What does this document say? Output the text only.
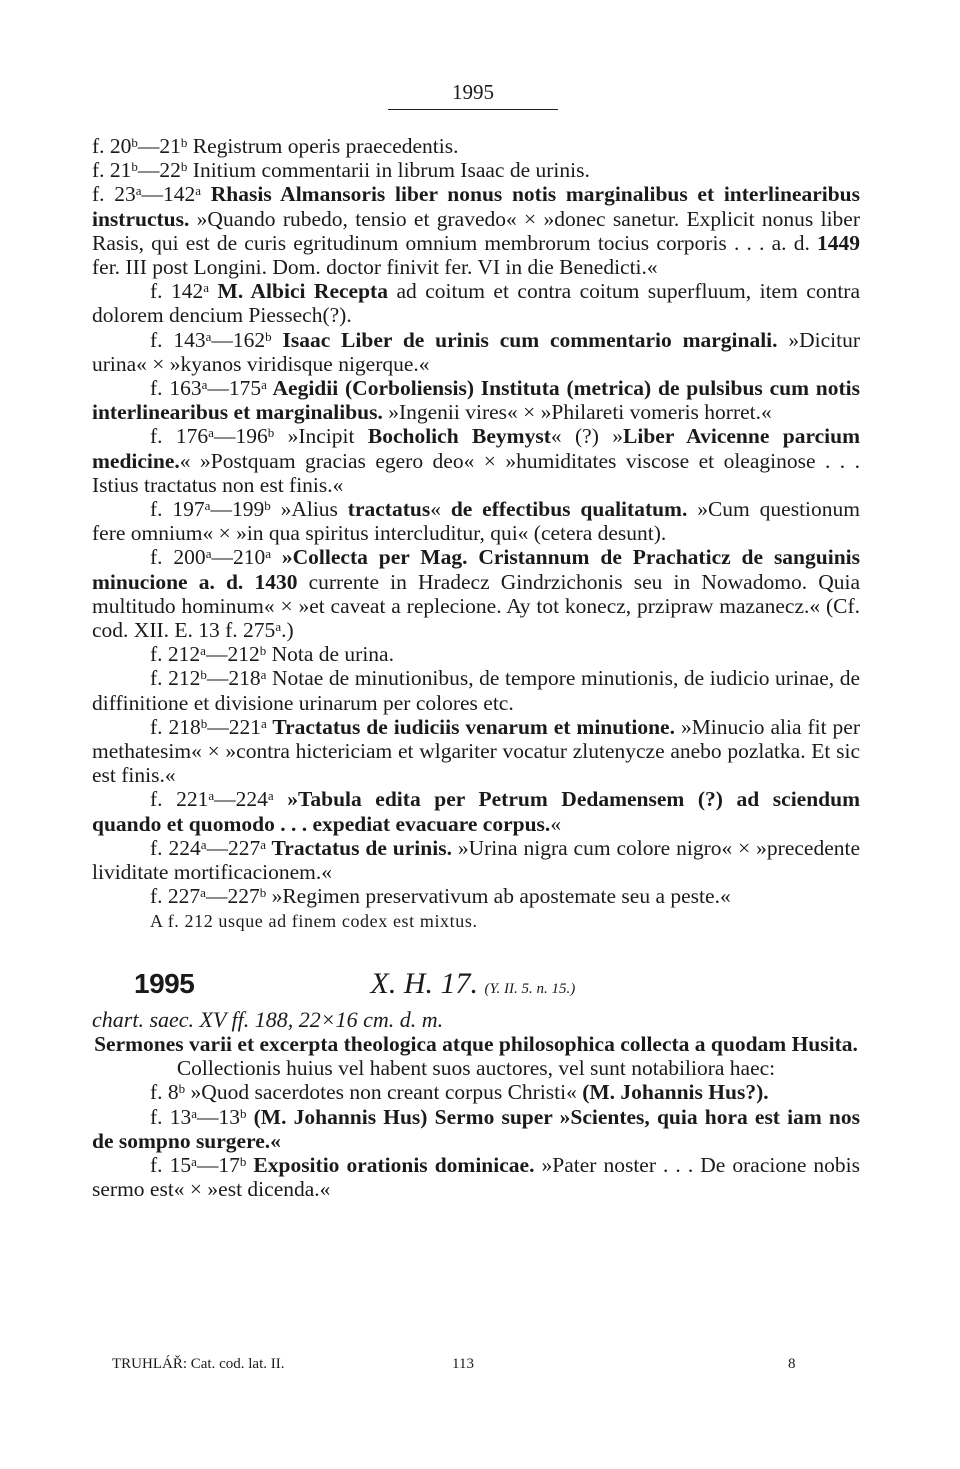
1995

f. 20$^b$—21$^b$ Registrum operis praecedentis.

f. 21$^b$—22$^b$ Initium commentarii in librum Isaac de urinis.

f. 23$^a$—142$^a$ Rhasis Almansoris liber nonus notis marginalibus et interlinearibus instructus. »Quando rubedo, tensio et gravedo« × »donec sanetur. Explicit nonus liber Rasis, qui est de curis egritudinum omnium membrorum tocius corporis . . . a. d. 1449 fer. III post Longini. Dom. doctor finivit fer. VI in die Benedicti.«

f. 142$^a$ M. Albici Recepta ad coitum et contra coitum superfluum, item contra dolorem dencium Piessech(?).

f. 143$^a$—162$^b$ Isaac Liber de urinis cum commentario marginali. »Dicitur urina« × »kyanos viridisque nigerque.«

f. 163$^a$—175$^a$ Aegidii (Corboliensis) Instituta (metrica) de pulsibus cum notis interlinearibus et marginalibus. »Ingenii vires« × »Philareti vomeris horret.«

f. 176$^a$—196$^b$ »Incipit Bocholich Beymyst« (?) »Liber Avicenne parcium medicine.« »Postquam gracias egero deo« × »humiditates viscose et oleaginose . . . Istius tractatus non est finis.«

f. 197$^a$—199$^b$ »Alius tractatus« de effectibus qualitatum. »Cum questionum fere omnium« × »in qua spiritus intercluditur, qui« (cetera desunt).

f. 200$^a$—210$^a$ »Collecta per Mag. Cristannum de Prachaticz de sanguinis minucione a. d. 1430 currente in Hradecz Gindrzichonis seu in Nowadomo. Quia multitudo hominum« × »et caveat a replecione. Ay tot konecz, przipraw mazanecz.« (Cf. cod. XII. E. 13 f. 275$^a$.)

f. 212$^a$—212$^b$ Nota de urina.

f. 212$^b$—218$^a$ Notae de minutionibus, de tempore minutionis, de iudicio urinae, de diffinitione et divisione urinarum per colores etc.

f. 218$^b$—221$^a$ Tractatus de iudiciis venarum et minutione. »Minucio alia fit per methatesim« × »contra hictericiam et wlgariter vocatur zlutenycze anebo pozlatka. Et sic est finis.«

f. 221$^a$—224$^a$ »Tabula edita per Petrum Dedamensem (?) ad sciendum quando et quomodo . . . expediat evacuare corpus.«

f. 224$^a$—227$^a$ Tractatus de urinis. »Urina nigra cum colore nigro« × »precedente lividitate mortificacionem.«

f. 227$^a$—227$^b$ »Regimen preservativum ab apostemate seu a peste.«

A f. 212 usque ad finem codex est mixtus.

1995	X. H. 17. (Y. II. 5. n. 15.)

chart. saec. XV ff. 188, 22×16 cm. d. m.

Sermones varii et excerpta theologica atque philosophica collecta a quodam Husita. Collectionis huius vel habent suos auctores, vel sunt notabiliora haec:

f. 8$^b$ »Quod sacerdotes non creant corpus Christi« (M. Johannis Hus?).

f. 13$^a$—13$^b$ (M. Johannis Hus) Sermo super »Scientes, quia hora est iam nos de sompno surgere.«

f. 15$^a$—17$^b$ Expositio orationis dominicae. »Pater noster . . . De oracione nobis sermo est« × »est dicenda.«

TRUHLÁŘ: Cat. cod. lat. II.	113	8
